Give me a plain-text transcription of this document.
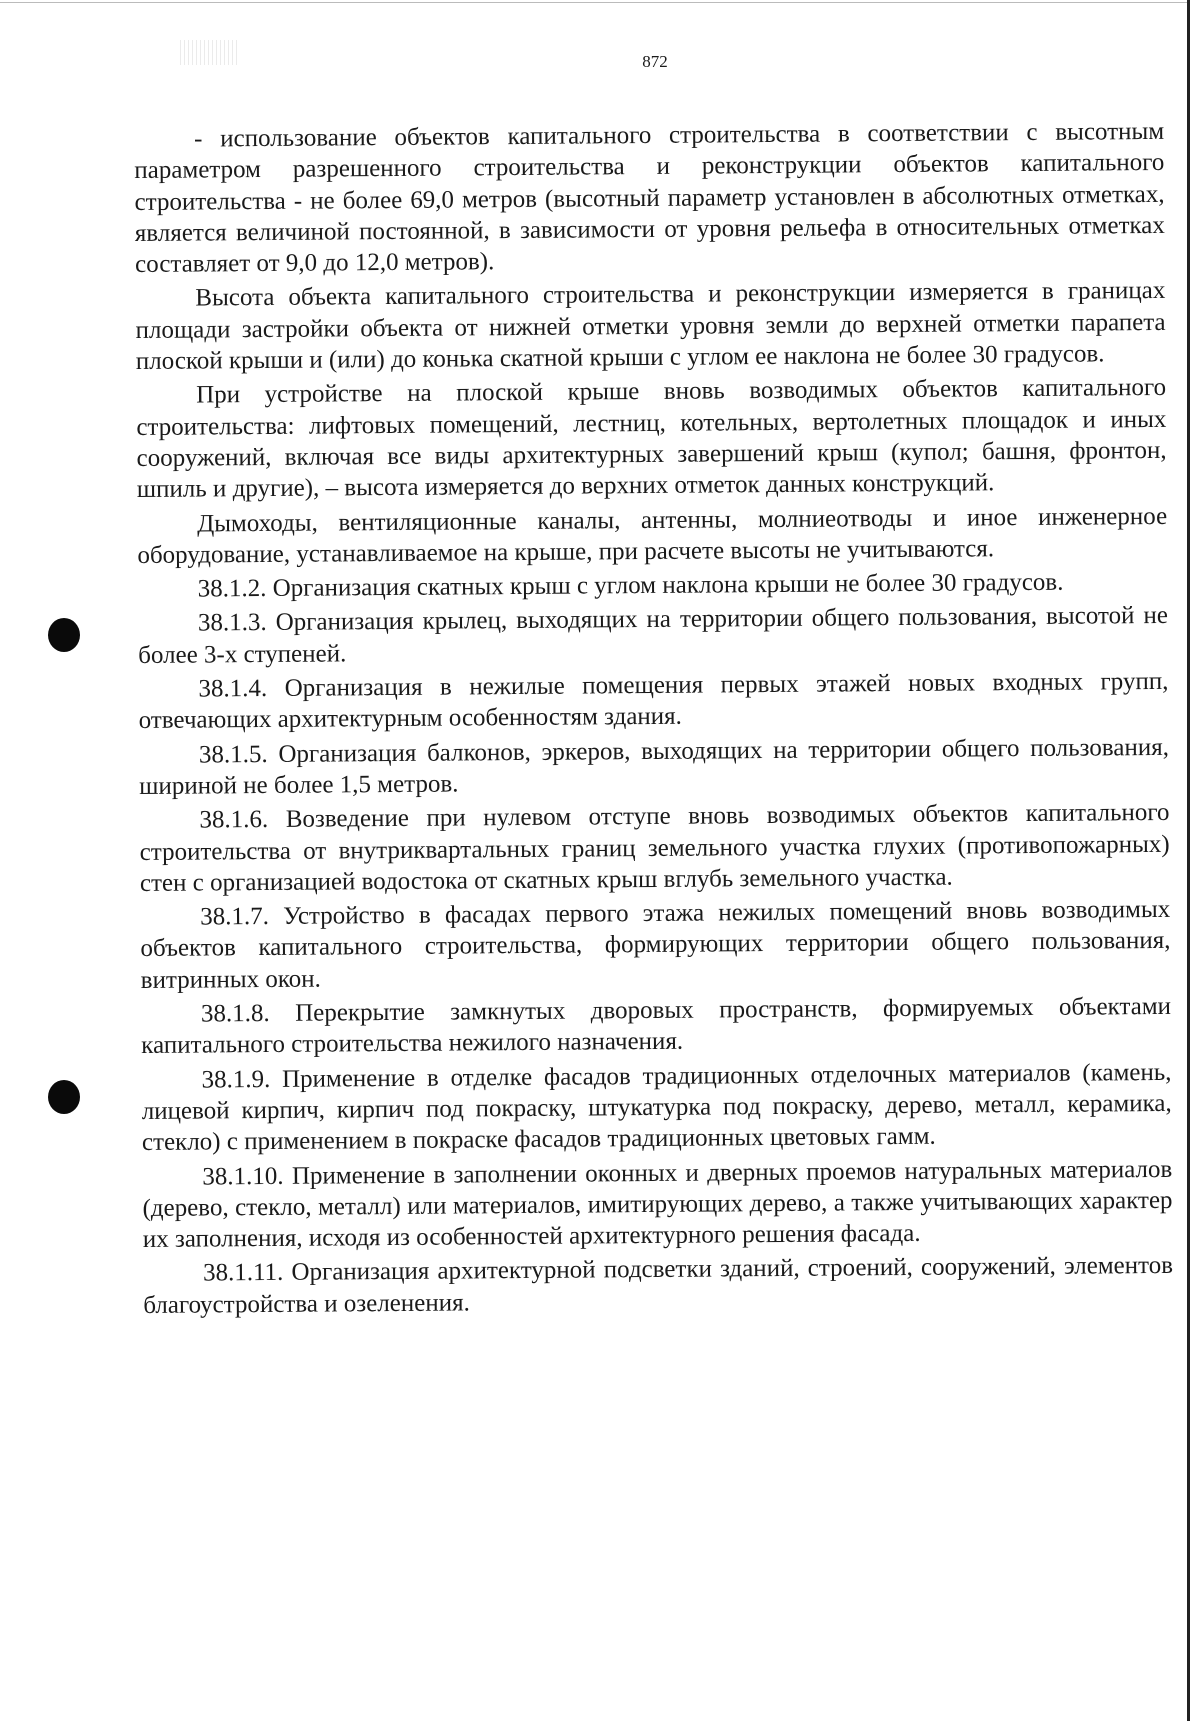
872

- использование объектов капитального строительства в соответствии с высотным параметром разрешенного строительства и реконструкции объектов капитального строительства - не более 69,0 метров (высотный параметр установлен в абсолютных отметках, является величиной постоянной, в зависимости от уровня рельефа в относительных отметках составляет от 9,0 до 12,0 метров).

Высота объекта капитального строительства и реконструкции измеряется в границах площади застройки объекта от нижней отметки уровня земли до верхней отметки парапета плоской крыши и (или) до конька скатной крыши с углом ее наклона не более 30 градусов.

При устройстве на плоской крыше вновь возводимых объектов капитального строительства: лифтовых помещений, лестниц, котельных, вертолетных площадок и иных сооружений, включая все виды архитектурных завершений крыш (купол; башня, фронтон, шпиль и другие), – высота измеряется до верхних отметок данных конструкций.

Дымоходы, вентиляционные каналы, антенны, молниеотводы и иное инженерное оборудование, устанавливаемое на крыше, при расчете высоты не учитываются.

38.1.2. Организация скатных крыш с углом наклона крыши не более 30 градусов.

38.1.3. Организация крылец, выходящих на территории общего пользования, высотой не более 3-х ступеней.

38.1.4. Организация в нежилые помещения первых этажей новых входных групп, отвечающих архитектурным особенностям здания.

38.1.5. Организация балконов, эркеров, выходящих на территории общего пользования, шириной не более 1,5 метров.

38.1.6. Возведение при нулевом отступе вновь возводимых объектов капитального строительства от внутриквартальных границ земельного участка глухих (противопожарных) стен с организацией водостока от скатных крыш вглубь земельного участка.

38.1.7. Устройство в фасадах первого этажа нежилых помещений вновь возводимых объектов капитального строительства, формирующих территории общего пользования, витринных окон.

38.1.8. Перекрытие замкнутых дворовых пространств, формируемых объектами капитального строительства нежилого назначения.

38.1.9. Применение в отделке фасадов традиционных отделочных материалов (камень, лицевой кирпич, кирпич под покраску, штукатурка под покраску, дерево, металл, керамика, стекло) с применением в покраске фасадов традиционных цветовых гамм.

38.1.10. Применение в заполнении оконных и дверных проемов натуральных материалов (дерево, стекло, металл) или материалов, имитирующих дерево, а также учитывающих характер их заполнения, исходя из особенностей архитектурного решения фасада.

38.1.11. Организация архитектурной подсветки зданий, строений, сооружений, элементов благоустройства и озеленения.
